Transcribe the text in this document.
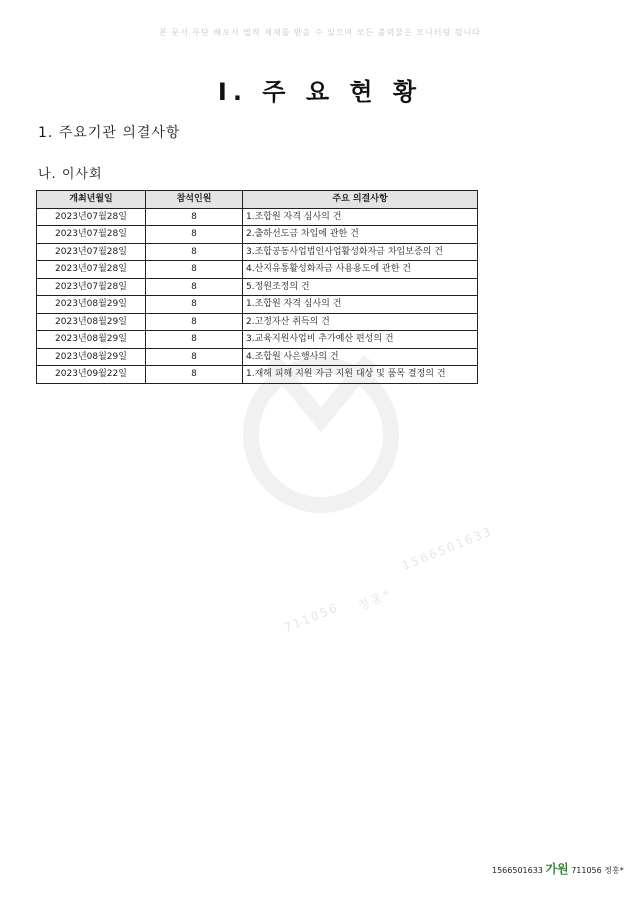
본 문서 무단 배포시 법적 제재를 받을 수 있으며 모든 출력물은 모니터링 됩니다
1566501633
정홍*
711056
Ⅰ. 주 요 현 황
1. 주요기관 의결사항
나. 이사회
개최년월일	참석인원	주요 의결사항
2023년07월28일	8	1.조합원 자격 심사의 건
2023년07월28일	8	2.출하선도금 차입에 관한 건
2023년07월28일	8	3.조합공동사업법인사업활성화자금 차입보증의 건
2023년07월28일	8	4.산지유통활성화자금 사용용도에 관한 건
2023년07월28일	8	5.정원조정의 건
2023년08월29일	8	1.조합원 자격 심사의 건
2023년08월29일	8	2.고정자산 취득의 건
2023년08월29일	8	3.교육지원사업비 추가예산 편성의 건
2023년08월29일	8	4.조합원 사은행사의 건
2023년09월22일	8	1.재해 피해 지원 자금 지원 대상 및 품목 결정의 건
1566501633 가원 711056 정홍*
